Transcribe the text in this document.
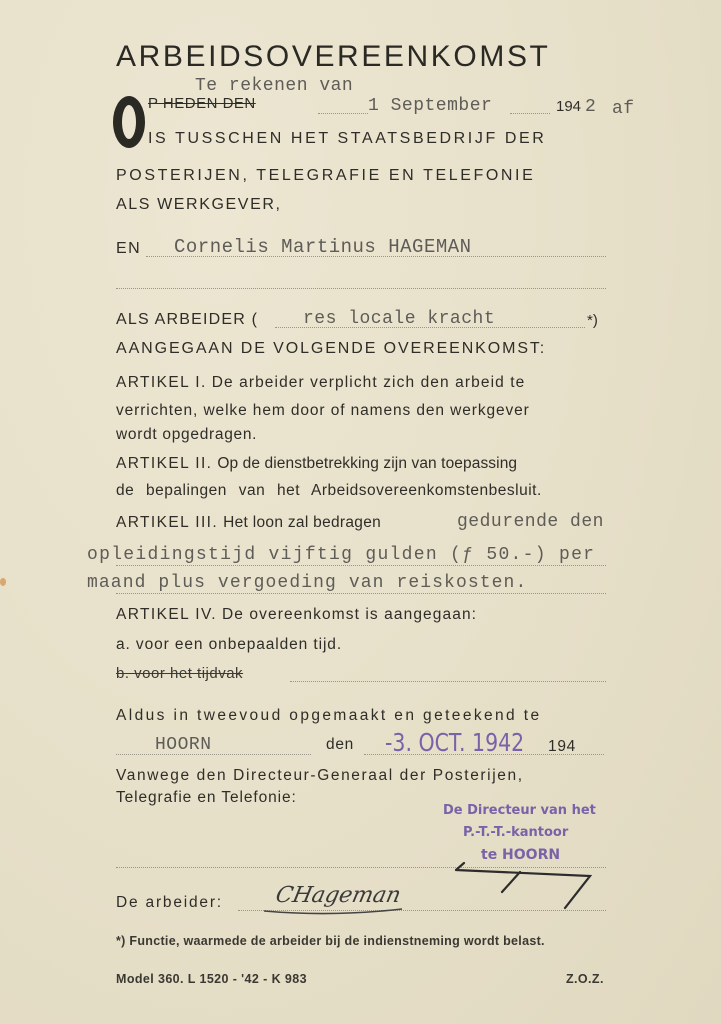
ARBEIDSOVEREENKOMST
Te rekenen van
P HEDEN DEN	1 September	194 2 af
IS TUSSCHEN HET STAATSBEDRIJF DER
POSTERIJEN, TELEGRAFIE EN TELEFONIE
ALS WERKGEVER,
EN Cornelis Martinus HAGEMAN
ALS ARBEIDER ( res locale kracht	*)
AANGEGAAN DE VOLGENDE OVEREENKOMST:
ARTIKEL I. De arbeider verplicht zich den arbeid te
verrichten, welke hem door of namens den werkgever
wordt opgedragen.
ARTIKEL II. Op de dienstbetrekking zijn van toepassing
de bepalingen van het Arbeidsovereenkomstenbesluit.
ARTIKEL III. Het loon zal bedragen	gedurende den
opleidingstijd vijftig gulden (ƒ 50.-) per
maand plus vergoeding van reiskosten.
ARTIKEL IV. De overeenkomst is aangegaan:
a. voor een onbepaalden tijd.
b. voor het tijdvak
Aldus in tweevoud opgemaakt en geteekend te
HOORN	den -3. OCT. 1942 194
Vanwege den Directeur-Generaal der Posterijen,
Telegrafie en Telefonie:
De Directeur van het
P.-T.-T.-kantoor
te HOORN
De arbeider: CHageman
*) Functie, waarmede de arbeider bij de indienstneming wordt belast.
Model 360. L 1520 - '42 - K 983	Z.O.Z.
